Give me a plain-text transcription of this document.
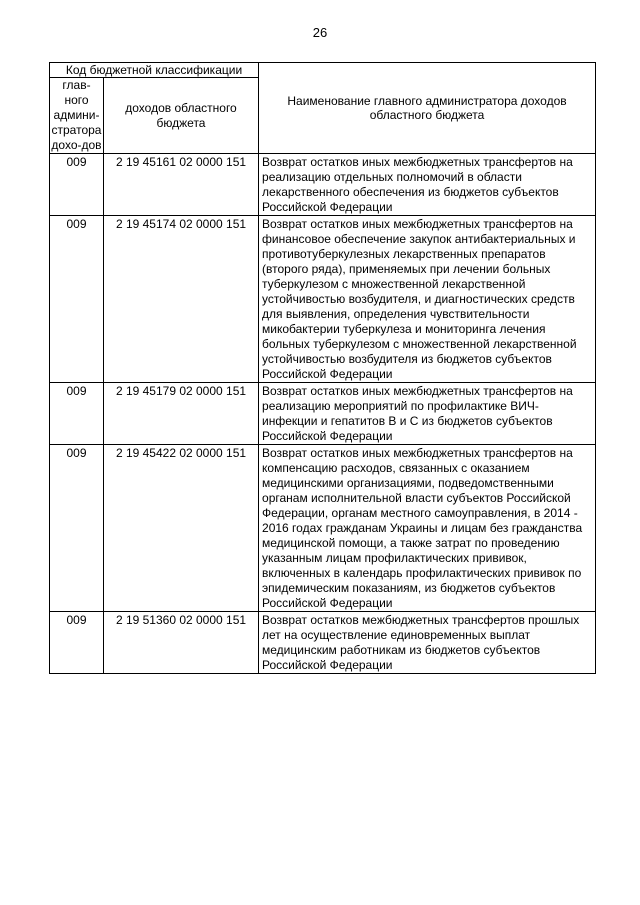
26
Код бюджетной классификации		Наименование главного администратора доходов областного бюджета
глав-ного админи-стратора дохо-дов	доходов областного бюджета	
009	2 19 45161 02 0000 151	Возврат остатков иных межбюджетных трансфертов на реализацию отдельных полномочий в области лекарственного обеспечения из бюджетов субъектов Российской Федерации
009	2 19 45174 02 0000 151	Возврат остатков иных межбюджетных трансфертов на финансовое обеспечение закупок антибактериальных и противотуберкулезных лекарственных препаратов (второго ряда), применяемых при лечении больных туберкулезом с множественной лекарственной устойчивостью возбудителя, и диагностических средств для выявления, определения чувствительности микобактерии туберкулеза и мониторинга лечения больных туберкулезом с множественной лекарственной устойчивостью возбудителя из бюджетов субъектов Российской Федерации
009	2 19 45179 02 0000 151	Возврат остатков иных межбюджетных трансфертов на реализацию мероприятий по профилактике ВИЧ-инфекции и гепатитов B и C из бюджетов субъектов Российской Федерации
009	2 19 45422 02 0000 151	Возврат остатков иных межбюджетных трансфертов на компенсацию расходов, связанных с оказанием медицинскими организациями, подведомственными органам исполнительной власти субъектов Российской Федерации, органам местного самоуправления, в 2014 - 2016 годах гражданам Украины и лицам без гражданства медицинской помощи, а также затрат по проведению указанным лицам профилактических прививок, включенных в календарь профилактических прививок по эпидемическим показаниям, из бюджетов субъектов Российской Федерации
009	2 19 51360 02 0000 151	Возврат остатков межбюджетных трансфертов прошлых лет на осуществление единовременных выплат медицинским работникам из бюджетов субъектов Российской Федерации
